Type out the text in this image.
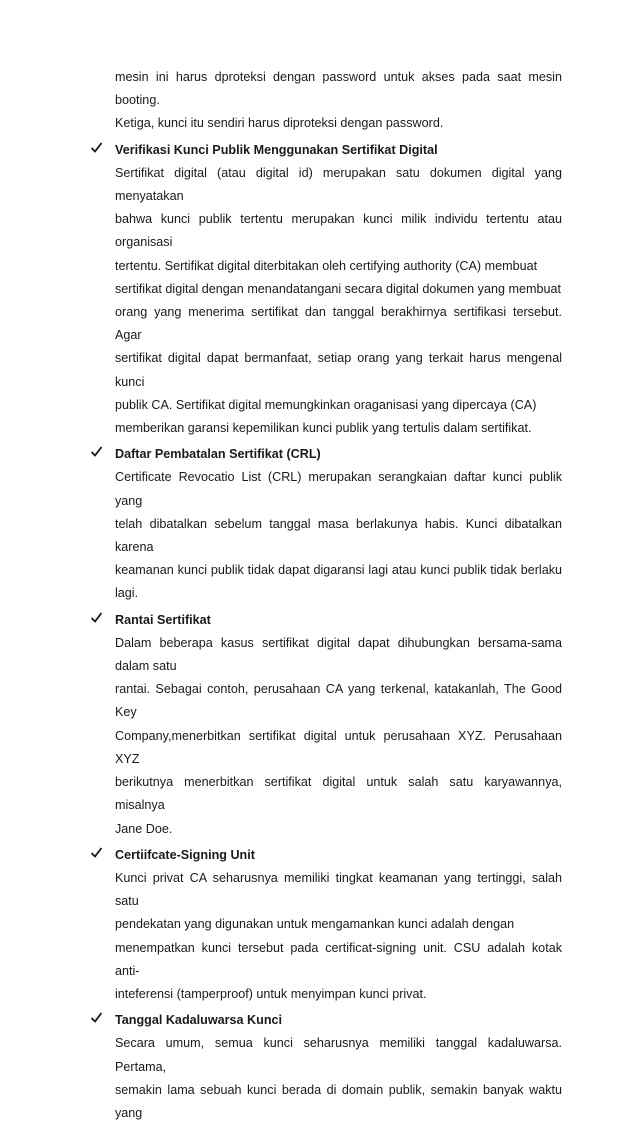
mesin ini harus dproteksi dengan password untuk akses pada saat mesin booting.
Ketiga, kunci itu sendiri harus diproteksi dengan password.

Verifikasi Kunci Publik Menggunakan Sertifikat Digital

Sertifikat digital (atau digital id) merupakan satu dokumen digital yang menyatakan
bahwa kunci publik tertentu merupakan kunci milik individu tertentu atau organisasi
tertentu. Sertifikat digital diterbitakan oleh certifying authority (CA) membuat
sertifikat digital dengan menandatangani secara digital dokumen yang membuat
orang yang menerima sertifikat dan tanggal berakhirnya sertifikasi tersebut. Agar
sertifikat digital dapat bermanfaat, setiap orang yang terkait harus mengenal kunci
publik CA. Sertifikat digital memungkinkan oraganisasi yang dipercaya (CA)
memberikan garansi kepemilikan kunci publik yang tertulis dalam sertifikat.

Daftar Pembatalan Sertifikat (CRL)

Certificate Revocatio List (CRL) merupakan serangkaian daftar kunci publik yang
telah dibatalkan sebelum tanggal masa berlakunya habis. Kunci dibatalkan karena
keamanan kunci publik tidak dapat digaransi lagi atau kunci publik tidak berlaku lagi.

Rantai Sertifikat

Dalam beberapa kasus sertifikat digital dapat dihubungkan bersama-sama dalam satu
rantai. Sebagai contoh, perusahaan CA yang terkenal, katakanlah, The Good Key
Company,menerbitkan sertifikat digital untuk perusahaan XYZ. Perusahaan XYZ
berikutnya menerbitkan sertifikat digital untuk salah satu karyawannya, misalnya
Jane Doe.

Certiifcate-Signing Unit

Kunci privat CA seharusnya memiliki tingkat keamanan yang tertinggi, salah satu
pendekatan yang digunakan untuk mengamankan kunci adalah dengan
menempatkan kunci tersebut pada certificat-signing unit. CSU adalah kotak anti-
inteferensi (tamperproof) untuk menyimpan kunci privat.

Tanggal Kadaluwarsa Kunci

Secara umum, semua kunci seharusnya memiliki tanggal kadaluwarsa. Pertama,
semakin lama sebuah kunci berada di domain publik, semakin banyak waktu yang
